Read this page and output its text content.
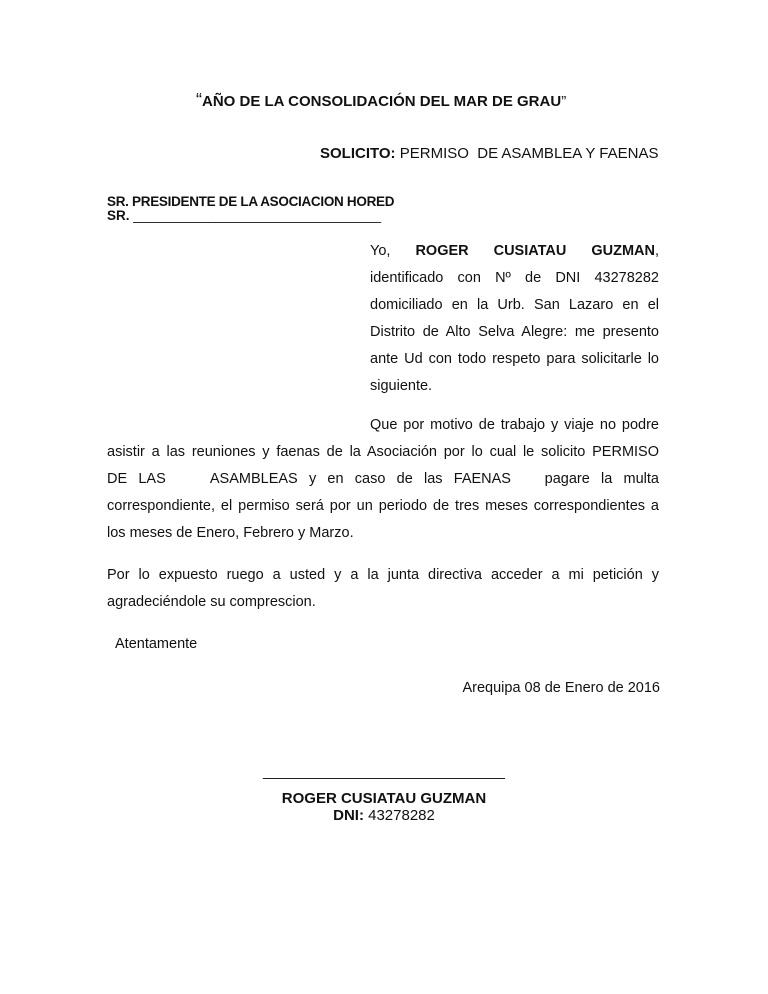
“AÑO DE LA CONSOLIDACIÓN DEL MAR DE GRAU”
SOLICITO: PERMISO  DE ASAMBLEA Y FAENAS
SR. PRESIDENTE DE LA ASOCIACION HORED
SR. _________________________________
Yo, ROGER CUSIATAU GUZMAN,
identificado con Nº de DNI 43278282
domiciliado en la Urb. San Lazaro en el
Distrito de Alto Selva Alegre: me presento
ante Ud con todo respeto para solicitarle lo
siguiente.
Que por motivo de trabajo y viaje no podre
asistir a las reuniones y faenas de la Asociación por lo cual le solicito PERMISO
DE LAS    ASAMBLEAS y en caso de las FAENAS   pagare la multa
correspondiente, el permiso será por un periodo de tres meses correspondientes a
los meses de Enero, Febrero y Marzo.
Por lo expuesto ruego a usted y a la junta directiva acceder a mi petición y
agradeciéndole su comprescion.
Atentamente
Arequipa 08 de Enero de 2016
______________________________
ROGER CUSIATAU GUZMAN
DNI: 43278282
